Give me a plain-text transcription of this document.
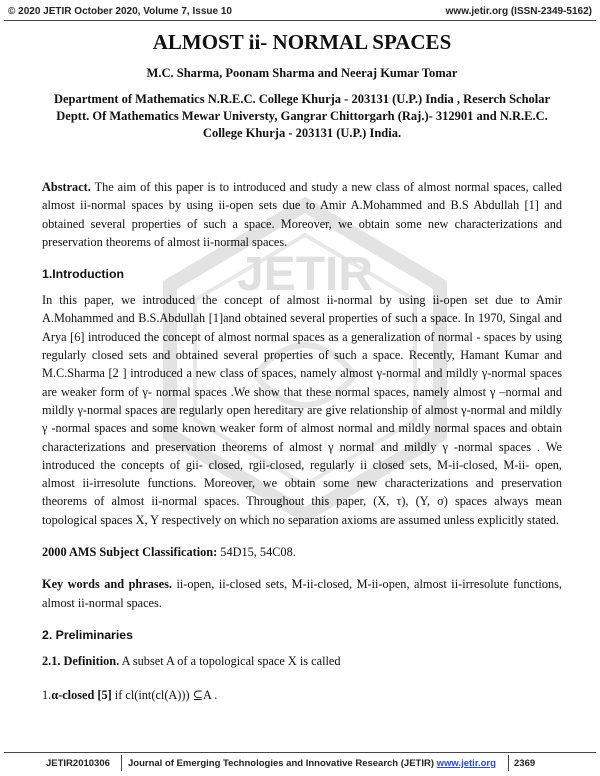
© 2020 JETIR October 2020, Volume 7, Issue 10	www.jetir.org (ISSN-2349-5162)
JETIR
ALMOST ii- NORMAL SPACES
M.C. Sharma, Poonam Sharma and Neeraj Kumar Tomar
Department of Mathematics N.R.E.C. College Khurja - 203131 (U.P.) India , Reserch Scholar Deptt. Of Mathematics Mewar Universty, Gangrar Chittorgarh (Raj.)- 312901 and N.R.E.C. College Khurja - 203131 (U.P.) India.

Abstract. The aim of this paper is to introduced and study a new class of almost normal spaces, called almost ii-normal spaces by using ii-open sets due to Amir A.Mohammed and B.S Abdullah [1] and obtained several properties of such a space. Moreover, we obtain some new characterizations and preservation theorems of almost ii-normal spaces.

1.Introduction

In this paper, we introduced the concept of almost ii-normal by using ii-open set due to Amir A.Mohammed and B.S.Abdullah [1]and obtained several properties of such a space. In 1970, Singal and Arya [6] introduced the concept of almost normal spaces as a generalization of normal - spaces by using regularly closed sets and obtained several properties of such a space. Recently, Hamant Kumar and M.C.Sharma [2 ] introduced a new class of spaces, namely almost γ-normal and mildly γ-normal spaces are weaker form of γ- normal spaces .We show that these normal spaces, namely almost γ –normal and mildly γ-normal spaces are regularly open hereditary are give relationship of almost γ-normal and mildly γ -normal spaces and some known weaker form of almost normal and mildly normal spaces and obtain characterizations and preservation theorems of almost γ normal and mildly γ -normal spaces . We introduced the concepts of gii- closed, rgii-closed, regularly ii closed sets, M-ii-closed, M-ii- open, almost ii-irresolute functions. Moreover, we obtain some new characterizations and preservation theorems of almost ii-normal spaces. Throughout this paper, (X, τ), (Y, σ) spaces always mean topological spaces X, Y respectively on which no separation axioms are assumed unless explicitly stated.

2000 AMS Subject Classification: 54D15, 54C08.

Key words and phrases. ii-open, ii-closed sets, M-ii-closed, M-ii-open, almost ii-irresolute functions, almost ii-normal spaces.

2. Preliminaries

2.1. Definition. A subset A of a topological space X is called

1.α-closed [5] if cl(int(cl(A))) ⊆A .
JETIR2010306 Journal of Emerging Technologies and Innovative Research (JETIR) www.jetir.org 2369
